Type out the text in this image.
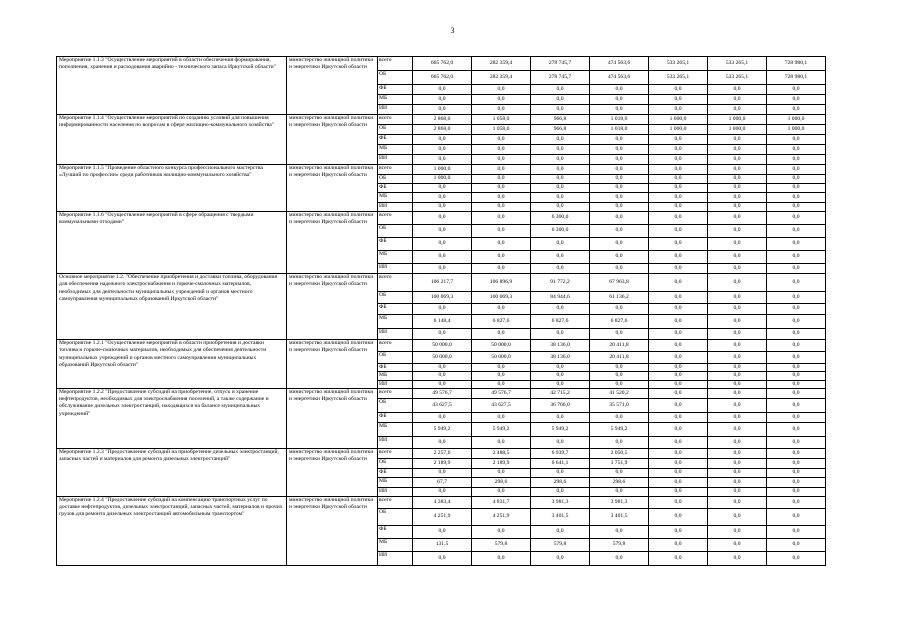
3
Мероприятие 1.1.3 "Осуществление мероприятий в области обеспечения формирования, пополнения, хранения и расходования аварийно - технического запаса Иркутской области"	министерство жилищной политики и энергетики Иркутской области	всего	665 762,0	282 359,4	278 745,7	474 563,6	533 265,1	533 265,1	728 980,1
		ОБ	665 762,0	282 359,4	278 745,7	474 563,6	533 265,1	533 265,1	728 980,1
		ФБ	0,0	0,0	0,0	0,0	0,0	0,0	0,0
		МБ	0,0	0,0	0,0	0,0	0,0	0,0	0,0
		ИИ	0,0	0,0	0,0	0,0	0,0	0,0	0,0
Мероприятие 1.1.4 "Осуществление мероприятий по созданию условий для повышения информированности населения по вопросам в сфере жилищно-коммунального хозяйства"	министерство жилищной политики и энергетики Иркутской области	всего	2 868,0	1 058,0	966,8	1 018,0	1 000,0	1 000,0	1 000,0
		ОБ	2 868,0	1 058,0	966,8	1 018,0	1 000,0	1 000,0	1 000,0
		ФБ	0,0	0,0	0,0	0,0	0,0	0,0	0,0
		МБ	0,0	0,0	0,0	0,0	0,0	0,0	0,0
		ИИ	0,0	0,0	0,0	0,0	0,0	0,0	0,0
Мероприятие 1.1.5 "Проведение областного конкурса профессионального мастерства «Лучший по профессии» среди работников жилищно-коммунального хозяйства"	министерство жилищной политики и энергетики Иркутской области	всего	1 000,0	0,0	0,0	0,0	0,0	0,0	0,0
		ОБ	1 000,0	0,0	0,0	0,0	0,0	0,0	0,0
		ФБ	0,0	0,0	0,0	0,0	0,0	0,0	0,0
		МБ	0,0	0,0	0,0	0,0	0,0	0,0	0,0
		ИИ	0,0	0,0	0,0	0,0	0,0	0,0	0,0
Мероприятие 1.1.6 "Осуществление мероприятий в сфере обращения с твердыми коммунальными отходами"	министерство жилищной политики и энергетики Иркутской области	всего	0,0	0,0	6 300,0	0,0	0,0	0,0	0,0
		ОБ	0,0	0,0	6 300,0	0,0	0,0	0,0	0,0
		ФБ	0,0	0,0	0,0	0,0	0,0	0,0	0,0
		МБ	0,0	0,0	0,0	0,0	0,0	0,0	0,0
		ИИ	0,0	0,0	0,0	0,0	0,0	0,0	0,0
Основное мероприятие 1.2. "Обеспечение приобретения и доставки топлива, оборудования для обеспечения надежного электроснабжения и горюче-смазочных материалов, необходимых для деятельности муниципальных учреждений и органов местного самоуправления муниципальных образований Иркутской области"	министерство жилищной политики и энергетики Иркутской области	всего	106 217,7	106 896,9	91 772,2	67 963,8	0,0	0,0	0,0
		ОБ	100 069,3	100 069,3	84 944,6	61 136,2	0,0	0,0	0,0
		ФБ	0,0	0,0	0,0	0,0	0,0	0,0	0,0
		МБ	6 148,4	6 827,6	6 827,6	6 827,6	0,0	0,0	0,0
		ИИ	0,0	0,0	0,0	0,0	0,0	0,0	0,0
Мероприятие 1.2.1 "Осуществление мероприятий в области приобретения и доставки топлива и горюче-смазочных материалов, необходимых для обеспечения деятельности муниципальных учреждений и органов местного самоуправления муниципальных образований Иркутской области"	министерство жилищной политики и энергетики Иркутской области	всего	50 000,0	50 000,0	38 136,0	20 411,8	0,0	0,0	0,0
		ОБ	50 000,0	50 000,0	38 136,0	20 411,8	0,0	0,0	0,0
		ФБ	0,0	0,0	0,0	0,0	0,0	0,0	0,0
		МБ	0,0	0,0	0,0	0,0	0,0	0,0	0,0
		ИИ	0,0	0,0	0,0	0,0	0,0	0,0	0,0
Мероприятие 1.2.2 "Предоставление субсидий на приобретение, отпуск и хранение нефтепродуктов, необходимых для электроснабжения поселений, а также содержание и обслуживание дизельных электростанций, находящихся на балансе муниципальных учреждений"	министерство жилищной политики и энергетики Иркутской области	всего	49 576,7	49 576,7	42 715,2	41 520,2	0,0	0,0	0,0
		ОБ	43 627,5	43 627,5	36 766,0	35 571,0	0,0	0,0	0,0
		ФБ	0,0	0,0	0,0	0,0	0,0	0,0	0,0
		МБ	5 949,2	5 949,2	5 949,2	5 949,2	0,0	0,0	0,0
		ИИ	0,0	0,0	0,0	0,0	0,0	0,0	0,0
Мероприятие 1.2.3 "Предоставление субсидий на приобретение дизельных электростанций, запасных частей и материалов для ремонта дизельных электростанций"	министерство жилищной политики и энергетики Иркутской области	всего	2 257,6	2 488,5	6 939,7	2 050,5	0,0	0,0	0,0
		ОБ	2 189,9	2 189,9	6 641,1	1 751,9	0,0	0,0	0,0
		ФБ	0,0	0,0	0,0	0,0	0,0	0,0	0,0
		МБ	67,7	298,6	298,6	298,6	0,0	0,0	0,0
		ИИ	0,0	0,0	0,0	0,0	0,0	0,0	0,0
Мероприятие 1.2.4 "Предоставление субсидий на компенсацию транспортных услуг по доставке нефтепродуктов, дизельных электростанций, запасных частей, материалов и прочих грузов для ремонта дизельных электростанций автомобильным транспортом"	министерство жилищной политики и энергетики Иркутской области	всего	4 383,4	4 831,7	3 981,3	3 981,3	0,0	0,0	0,0
		ОБ	4 251,9	4 251,9	3 401,5	3 401,5	0,0	0,0	0,0
		ФБ	0,0	0,0	0,0	0,0	0,0	0,0	0,0
		МБ	131,5	579,8	579,8	579,8	0,0	0,0	0,0
		ИИ	0,0	0,0	0,0	0,0	0,0	0,0	0,0
